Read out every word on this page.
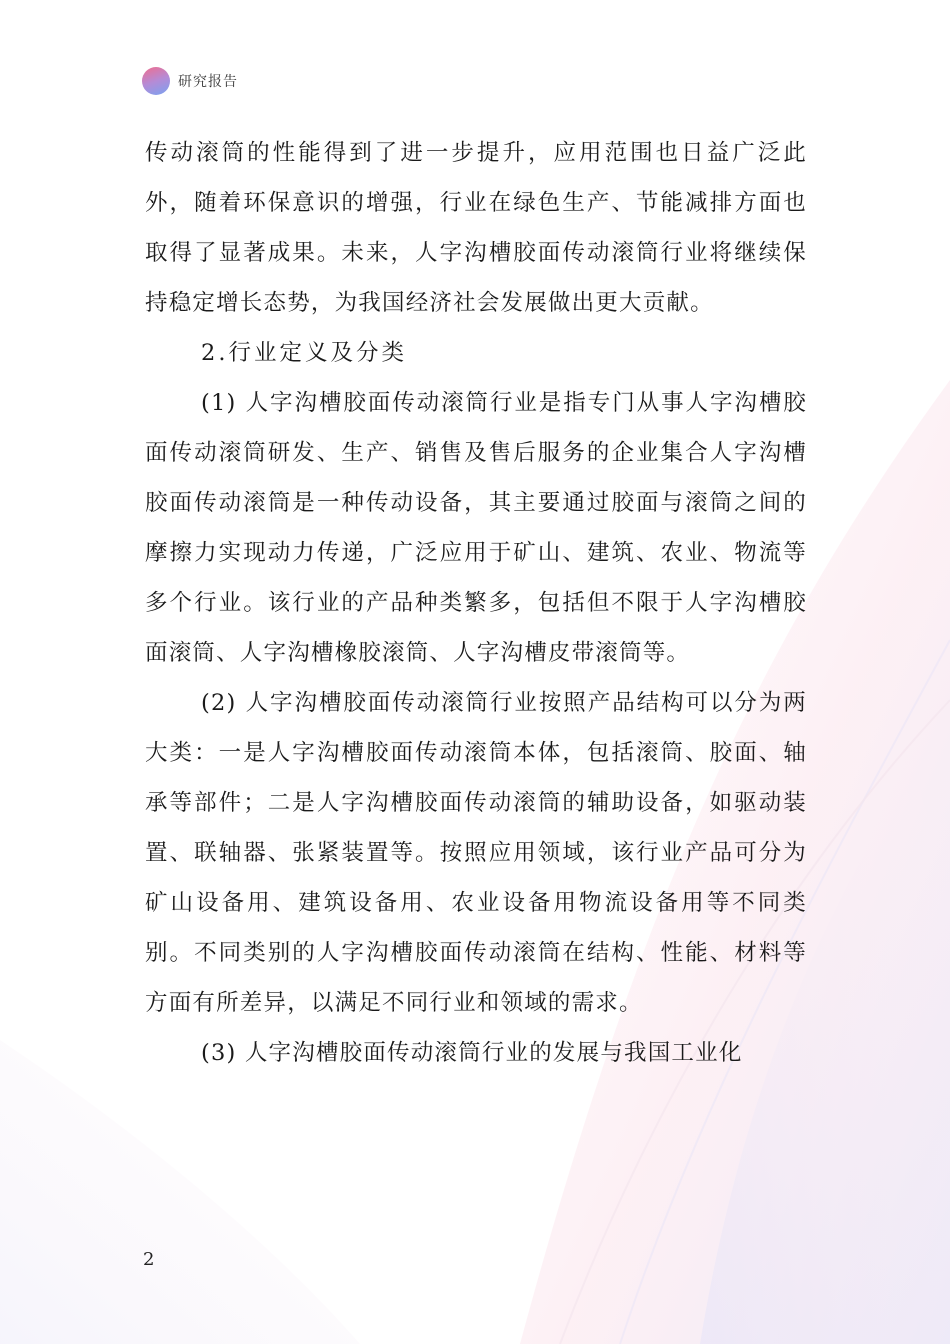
研究报告

传动滚筒的性能得到了进一步提升，应用范围也日益广泛此外，随着环保意识的增强，行业在绿色生产、节能减排方面也取得了显著成果。未来，人字沟槽胶面传动滚筒行业将继续保持稳定增长态势，为我国经济社会发展做出更大贡献。

2.行业定义及分类

(1) 人字沟槽胶面传动滚筒行业是指专门从事人字沟槽胶面传动滚筒研发、生产、销售及售后服务的企业集合人字沟槽胶面传动滚筒是一种传动设备，其主要通过胶面与滚筒之间的摩擦力实现动力传递，广泛应用于矿山、建筑、农业、物流等多个行业。该行业的产品种类繁多，包括但不限于人字沟槽胶面滚筒、人字沟槽橡胶滚筒、人字沟槽皮带滚筒等。

(2) 人字沟槽胶面传动滚筒行业按照产品结构可以分为两大类：一是人字沟槽胶面传动滚筒本体，包括滚筒、胶面、轴承等部件；二是人字沟槽胶面传动滚筒的辅助设备，如驱动装置、联轴器、张紧装置等。按照应用领域，该行业产品可分为矿山设备用、建筑设备用、农业设备用物流设备用等不同类别。不同类别的人字沟槽胶面传动滚筒在结构、性能、材料等方面有所差异，以满足不同行业和领域的需求。

(3) 人字沟槽胶面传动滚筒行业的发展与我国工业化

2
